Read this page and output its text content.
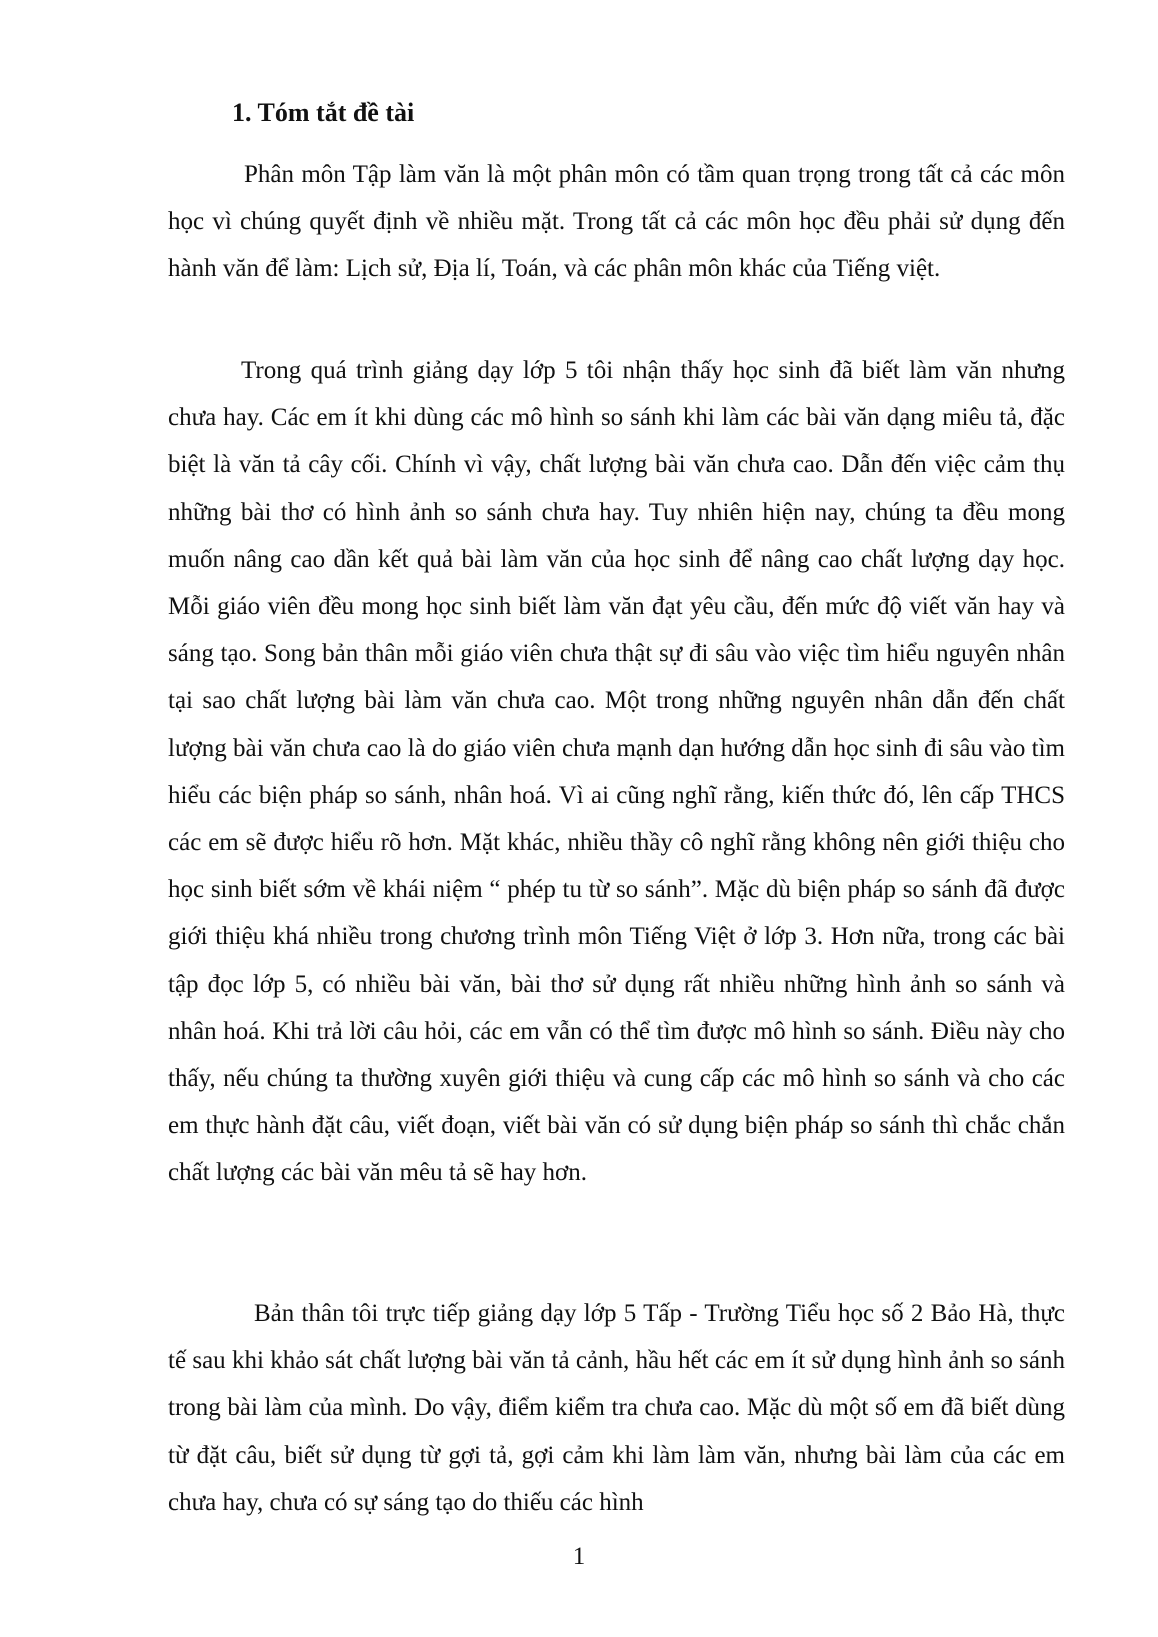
1. Tóm tắt đề tài

Phân môn Tập làm văn là một phân môn có tầm quan trọng trong tất cả các môn học vì chúng quyết định về nhiều mặt. Trong tất cả các môn học đều phải sử dụng đến hành văn để làm: Lịch sử, Địa lí, Toán, và các phân môn khác của Tiếng việt.

Trong quá trình giảng dạy lớp 5 tôi nhận thấy học sinh đã biết làm văn nhưng chưa hay. Các em ít khi dùng các mô hình so sánh khi làm các bài văn dạng miêu tả, đặc biệt là văn tả cây cối. Chính vì vậy, chất lượng bài văn chưa cao. Dẫn đến việc cảm thụ những bài thơ có hình ảnh so sánh chưa hay. Tuy nhiên hiện nay, chúng ta đều mong muốn nâng cao dần kết quả bài làm văn của học sinh để nâng cao chất lượng dạy học. Mỗi giáo viên đều mong học sinh biết làm văn đạt yêu cầu, đến mức độ viết văn hay và sáng tạo. Song bản thân mỗi giáo viên chưa thật sự đi sâu vào việc tìm hiểu nguyên nhân tại sao chất lượng bài làm văn chưa cao. Một trong những nguyên nhân dẫn đến chất lượng bài văn chưa cao là do giáo viên chưa mạnh dạn hướng dẫn học sinh đi sâu vào tìm hiểu các biện pháp so sánh, nhân hoá. Vì ai cũng nghĩ rằng, kiến thức đó, lên cấp THCS các em sẽ được hiểu rõ hơn. Mặt khác, nhiều thầy cô nghĩ rằng không nên giới thiệu cho học sinh biết sớm về khái niệm “ phép tu từ so sánh”. Mặc dù biện pháp so sánh đã được giới thiệu khá nhiều trong chương trình môn Tiếng Việt ở lớp 3. Hơn nữa, trong các bài tập đọc lớp 5, có nhiều bài văn, bài thơ sử dụng rất nhiều những hình ảnh so sánh và nhân hoá. Khi trả lời câu hỏi, các em vẫn có thể tìm được mô hình so sánh. Điều này cho thấy, nếu chúng ta thường xuyên giới thiệu và cung cấp các mô hình so sánh và cho các em thực hành đặt câu, viết đoạn, viết bài văn có sử dụng biện pháp so sánh thì chắc chắn chất lượng các bài văn mêu tả sẽ hay hơn.

Bản thân tôi trực tiếp giảng dạy lớp 5 Tấp - Trường Tiểu học số 2 Bảo Hà, thực tế sau khi khảo sát chất lượng bài văn tả cảnh, hầu hết các em ít sử dụng hình ảnh so sánh trong bài làm của mình. Do vậy, điểm kiểm tra chưa cao. Mặc dù một số em đã biết dùng từ đặt câu, biết sử dụng từ gợi tả, gợi cảm khi làm làm văn, nhưng bài làm của các em chưa hay, chưa có sự sáng tạo do thiếu các hình

1
